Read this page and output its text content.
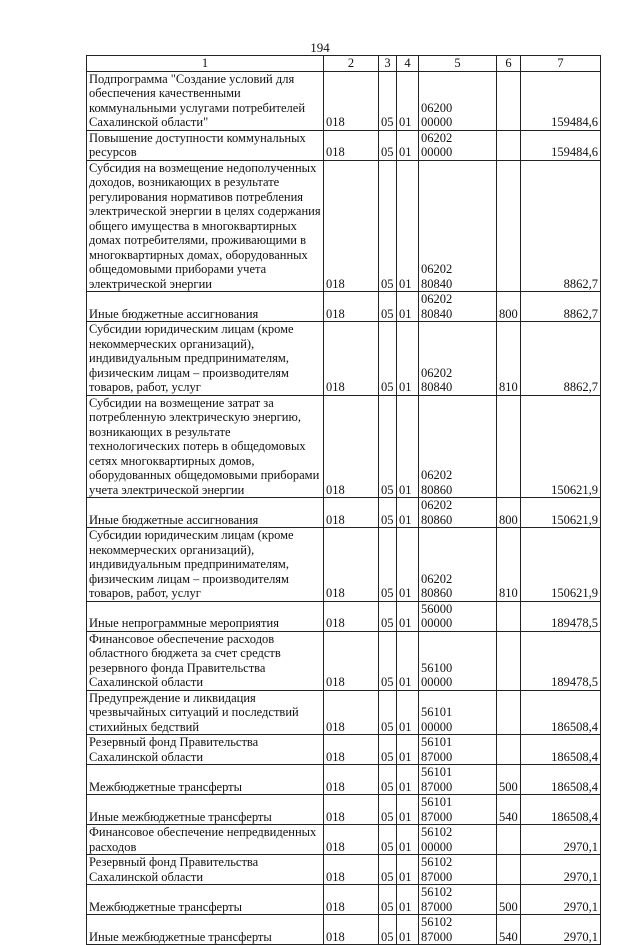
194
1	2	3	4	5	6	7
Подпрограмма "Создание условий для обеспечения качественными коммунальными услугами потребителей Сахалинской области"	018	05	01	0620000000		159484,6
Повышение доступности коммунальных ресурсов	018	05	01	0620200000		159484,6
Субсидия на возмещение недополученных доходов, возникающих в результате регулирования нормативов потребления электрической энергии в целях содержания общего имущества в многоквартирных домах потребителями, проживающими в многоквартирных домах, оборудованных общедомовыми приборами учета электрической энергии	018	05	01	0620280840		8862,7
Иные бюджетные ассигнования	018	05	01	0620280840	800	8862,7
Субсидии юридическим лицам (кроме некоммерческих организаций), индивидуальным предпринимателям, физическим лицам – производителям товаров, работ, услуг	018	05	01	0620280840	810	8862,7
Субсидии на возмещение затрат за потребленную электрическую энергию, возникающих в результате технологических потерь в общедомовых сетях многоквартирных домов, оборудованных общедомовыми приборами учета электрической энергии	018	05	01	0620280860		150621,9
Иные бюджетные ассигнования	018	05	01	0620280860	800	150621,9
Субсидии юридическим лицам (кроме некоммерческих организаций), индивидуальным предпринимателям, физическим лицам – производителям товаров, работ, услуг	018	05	01	0620280860	810	150621,9
Иные непрограммные мероприятия	018	05	01	5600000000		189478,5
Финансовое обеспечение расходов областного бюджета за счет средств резервного фонда Правительства Сахалинской области	018	05	01	5610000000		189478,5
Предупреждение и ликвидация чрезвычайных ситуаций и последствий стихийных бедствий	018	05	01	5610100000		186508,4
Резервный фонд Правительства Сахалинской области	018	05	01	5610187000		186508,4
Межбюджетные трансферты	018	05	01	5610187000	500	186508,4
Иные межбюджетные трансферты	018	05	01	5610187000	540	186508,4
Финансовое обеспечение непредвиденных расходов	018	05	01	5610200000		2970,1
Резервный фонд Правительства Сахалинской области	018	05	01	5610287000		2970,1
Межбюджетные трансферты	018	05	01	5610287000	500	2970,1
Иные межбюджетные трансферты	018	05	01	5610287000	540	2970,1
